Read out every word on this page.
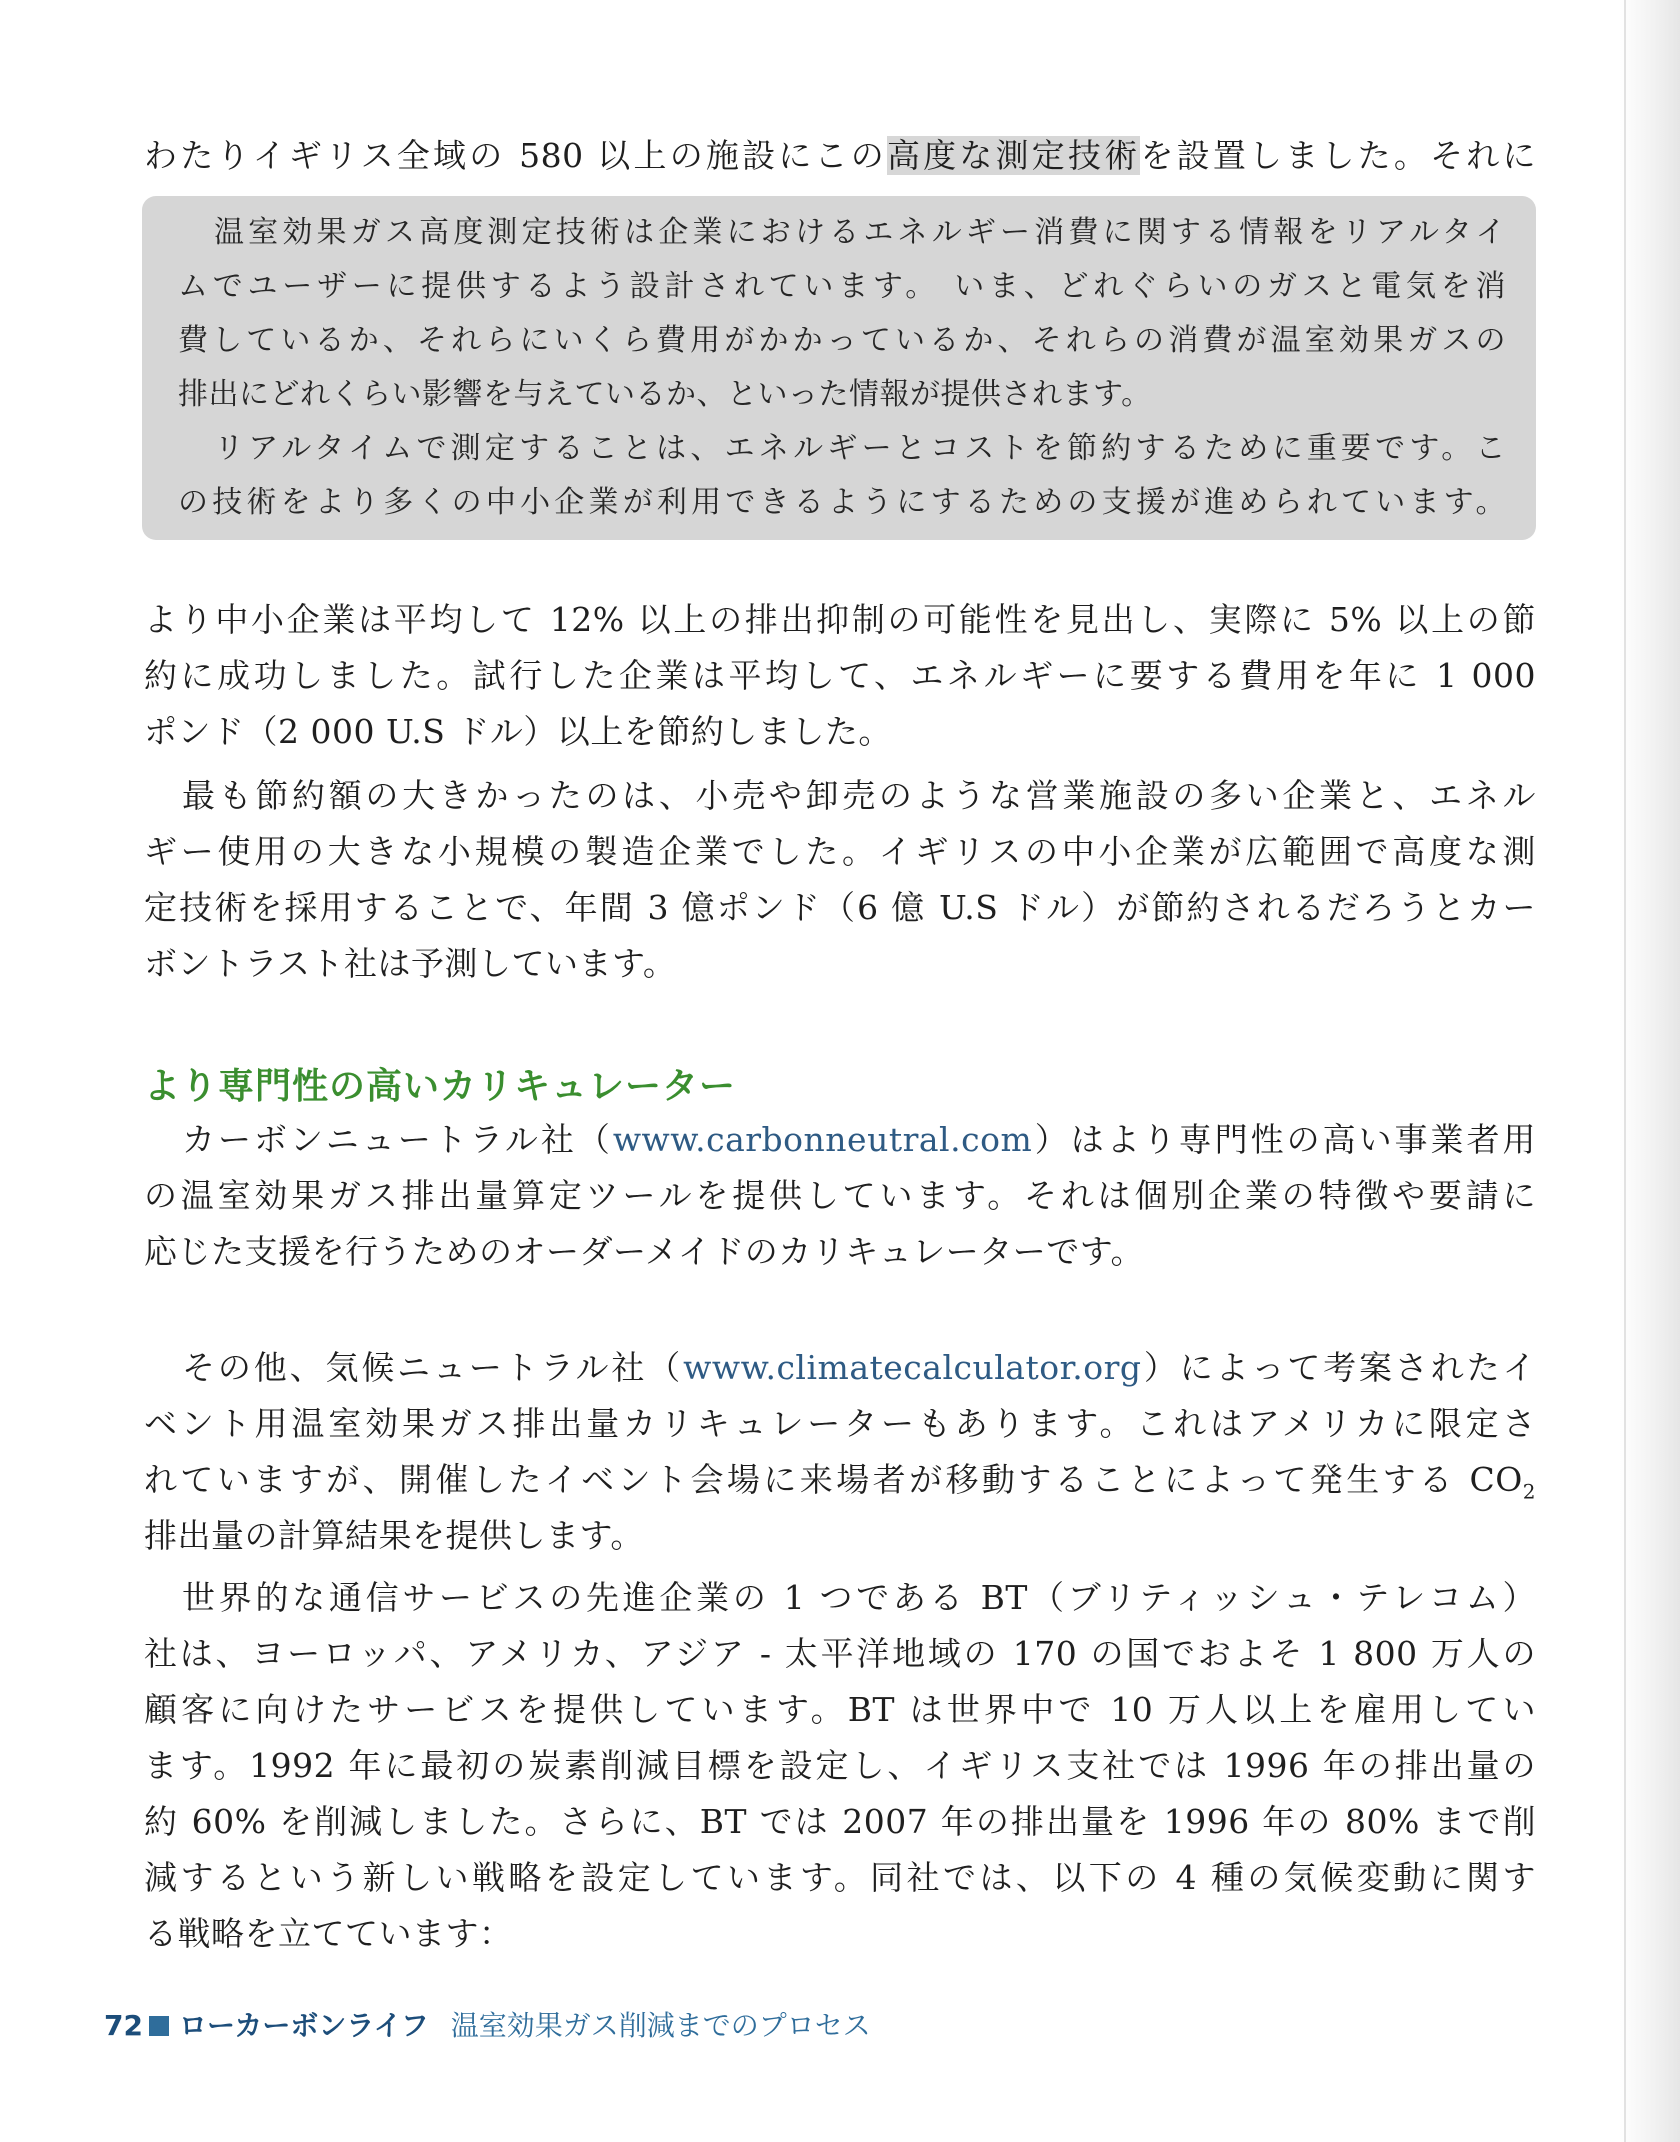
わたりイギリス全域の 580 以上の施設にこの高度な測定技術を設置しました。それに
温室効果ガス高度測定技術は企業におけるエネルギー消費に関する情報をリアルタイ
ムでユーザーに提供するよう設計されています。 いま、どれぐらいのガスと電気を消
費しているか、それらにいくら費用がかかっているか、それらの消費が温室効果ガスの
排出にどれくらい影響を与えているか、といった情報が提供されます。
リアルタイムで測定することは、エネルギーとコストを節約するために重要です。こ
の技術をより多くの中小企業が利用できるようにするための支援が進められています。
より中小企業は平均して 12% 以上の排出抑制の可能性を見出し、実際に 5% 以上の節
約に成功しました。試行した企業は平均して、エネルギーに要する費用を年に 1 000
ポンド（2 000 U.S ドル）以上を節約しました。
最も節約額の大きかったのは、小売や卸売のような営業施設の多い企業と、エネル
ギー使用の大きな小規模の製造企業でした。イギリスの中小企業が広範囲で高度な測
定技術を採用することで、年間 3 億ポンド（6 億 U.S ドル）が節約されるだろうとカー
ボントラスト社は予測しています。
より専門性の高いカリキュレーター
カーボンニュートラル社（www.carbonneutral.com）はより専門性の高い事業者用
の温室効果ガス排出量算定ツールを提供しています。それは個別企業の特徴や要請に
応じた支援を行うためのオーダーメイドのカリキュレーターです。
その他、気候ニュートラル社（www.climatecalculator.org）によって考案されたイ
ベント用温室効果ガス排出量カリキュレーターもあります。これはアメリカに限定さ
れていますが、開催したイベント会場に来場者が移動することによって発生する $CO_2$
排出量の計算結果を提供します。
世界的な通信サービスの先進企業の 1 つである BT（ブリティッシュ・テレコム）
社は、ヨーロッパ、アメリカ、アジア - 太平洋地域の 170 の国でおよそ 1 800 万人の
顧客に向けたサービスを提供しています。BT は世界中で 10 万人以上を雇用してい
ます。1992 年に最初の炭素削減目標を設定し、イギリス支社では 1996 年の排出量の
約 60% を削減しました。さらに、BT では 2007 年の排出量を 1996 年の 80% まで削
減するという新しい戦略を設定しています。同社では、以下の 4 種の気候変動に関す
る戦略を立てています：
72 ローカーボンライフ 温室効果ガス削減までのプロセス
